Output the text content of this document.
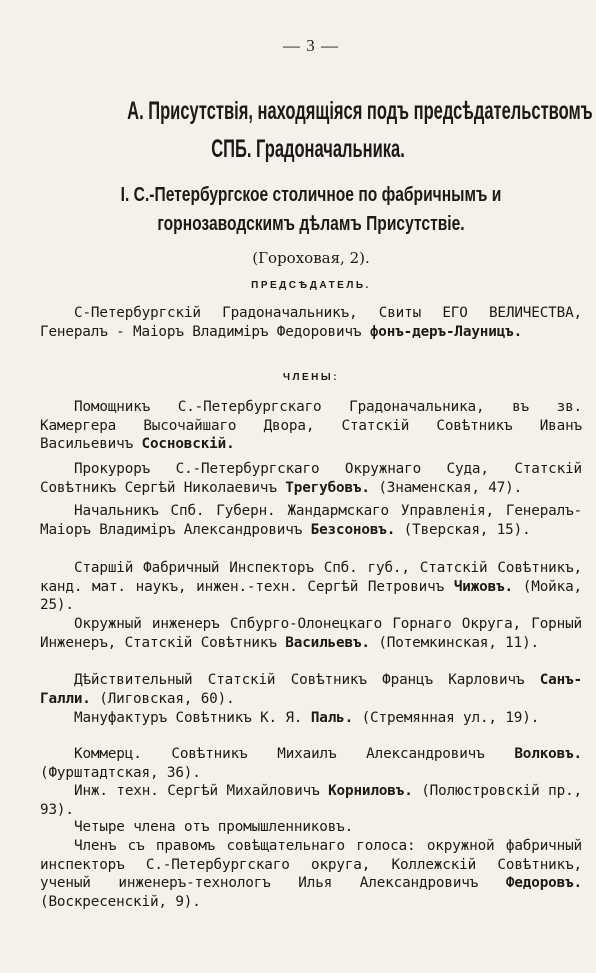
— 3 —
А. Присутствія, находящіяся подъ предсѣдательствомъ
СПБ. Градоначальника.
I. С.-Петербургское столичное по фабричнымъ и
горнозаводскимъ дѣламъ Присутствіе.
(Гороховая, 2).
ПРЕДСѢДАТЕЛЬ.
С-Петербургскій Градоначальникъ, Свиты ЕГО ВЕЛИЧЕСТВА, Генералъ - Маіоръ Владиміръ Федоровичъ фонъ-деръ-Лауницъ.
ЧЛЕНЫ:
Помощникъ С.-Петербургскаго Градоначальника, въ зв. Камергера Высочайшаго Двора, Статскій Совѣтникъ Иванъ Васильевичъ Сосновскій.
Прокуроръ С.-Петербургскаго Окружнаго Суда, Статскій Совѣтникъ Сергѣй Николаевичъ Трегубовъ. (Знаменская, 47).
Начальникъ Спб. Губерн. Жандармскаго Управленія, Генералъ-Маіоръ Владиміръ Александровичъ Безсоновъ. (Тверская, 15).
Старшій Фабричный Инспекторъ Спб. губ., Статскій Совѣтникъ, канд. мат. наукъ, инжен.-техн. Сергѣй Петровичъ Чижовъ. (Мойка, 25).
Окружный инженеръ Спбурго-Олонецкаго Горнаго Округа, Горный Инженеръ, Статскій Совѣтникъ Васильевъ. (Потемкинская, 11).
Дѣйствительный Статскій Совѣтникъ Францъ Карловичъ Санъ-Галли. (Лиговская, 60).
Мануфактуръ Совѣтникъ К. Я. Паль. (Стремянная ул., 19).
Коммерц. Совѣтникъ Михаилъ Александровичъ Волковъ. (Фурштадтская, 36).
Инж. техн. Сергѣй Михайловичъ Корниловъ. (Полюстровскій пр., 93).
Четыре члена отъ промышленниковъ.
Членъ съ правомъ совѣщательнаго голоса: окружной фабричный инспекторъ С.-Петербургскаго округа, Коллежскій Совѣтникъ, ученый инженеръ-технологъ Илья Александровичъ Федоровъ. (Воскресенскій, 9).
